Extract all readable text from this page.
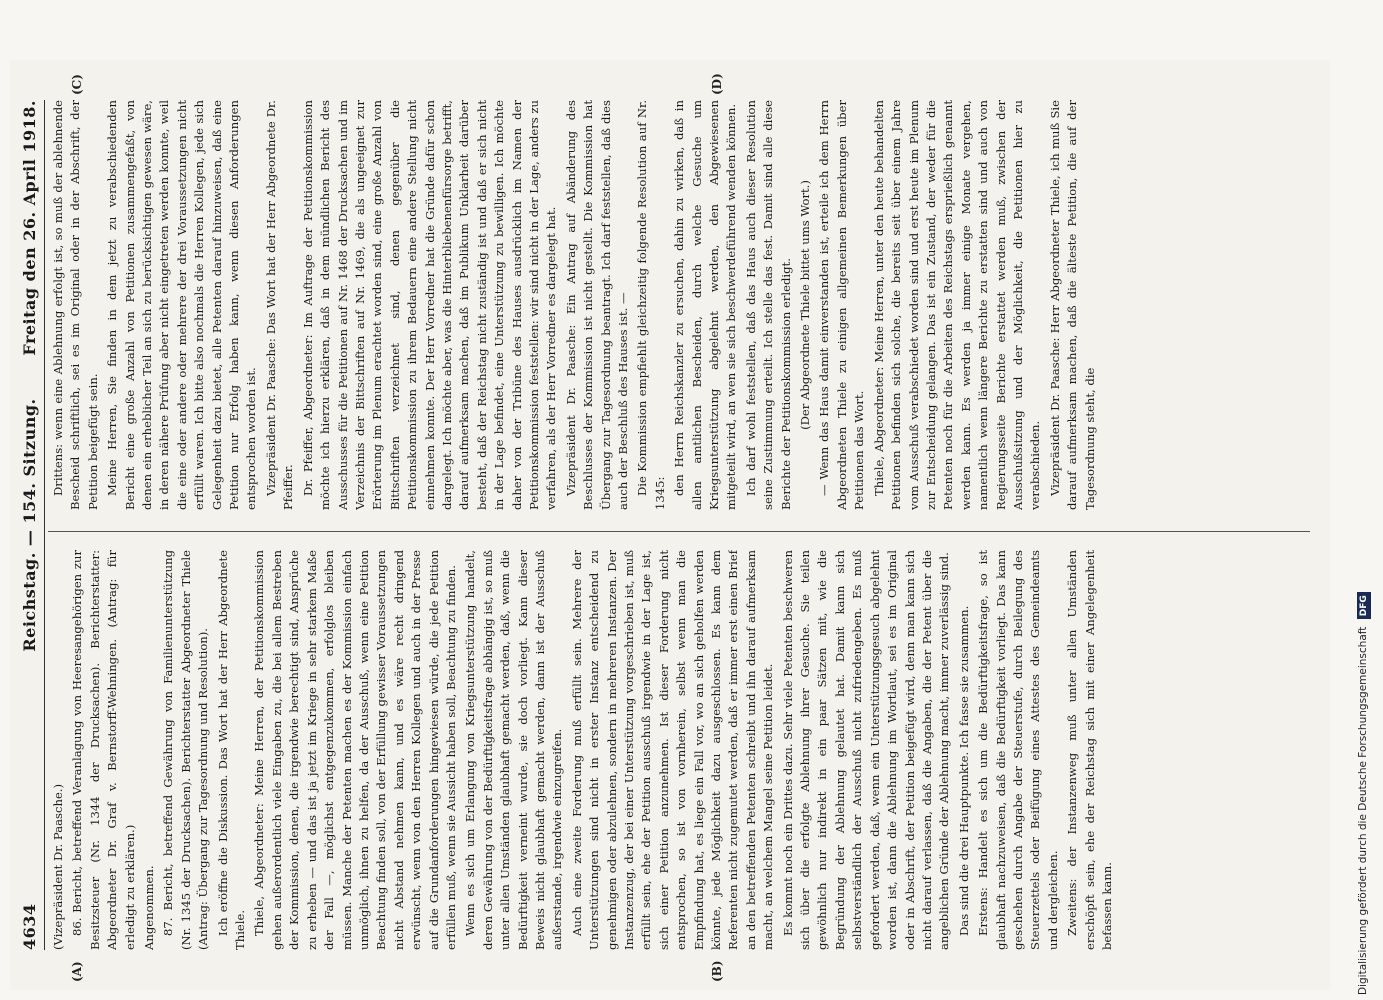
4634
Reichstag. — 154. Sitzung.
Freitag den 26. April 1918.
(A)	(B)
(C)	(D)

(Vizepräsident Dr. Paasche.) 86. Bericht, betreffend Veranlagung von Heeresangehörigen zur Besitzsteuer (Nr. 1344 der Drucksachen). Berichterstatter: Abgeordneter Dr. Graf v. Bernstorff-Wehningen. (Antrag: für erledigt zu erklären.) Angenommen. 87. Bericht, betreffend Gewährung von Familienunterstützung (Nr. 1345 der Drucksachen). Berichterstatter Abgeordneter Thiele (Antrag: Übergang zur Tagesordnung und Resolution). Ich eröffne die Diskussion. Das Wort hat der Herr Abgeordnete Thiele. Thiele, Abgeordneter: Meine Herren, der Petitionskommission gehen außerordentlich viele Eingaben zu, die bei allem Bestreben der Kommission, denen, die irgendwie berechtigt sind, Ansprüche zu erheben — und das ist ja jetzt im Kriege in sehr starkem Maße der Fall —, möglichst entgegenzukommen, erfolglos bleiben müssen. Manche der Petenten machen es der Kommission einfach unmöglich, ihnen zu helfen, da der Ausschuß, wenn eine Petition Beachtung finden soll, von der Erfüllung gewisser Voraussetzungen nicht Abstand nehmen kann, und es wäre recht dringend erwünscht, wenn von den Herren Kollegen und auch in der Presse auf die Grundanforderungen hingewiesen würde, die jede Petition erfüllen muß, wenn sie Aussicht haben soll, Beachtung zu finden. Wenn es sich um Erlangung von Kriegsunterstützung handelt, deren Gewährung von der Bedürftigkeitsfrage abhängig ist, so muß unter allen Umständen glaubhaft gemacht werden, daß, wenn die Bedürftigkeit verneint wurde, sie doch vorliegt. Kann dieser Beweis nicht glaubhaft gemacht werden, dann ist der Ausschuß außerstande, irgendwie einzugreifen. Auch eine zweite Forderung muß erfüllt sein. Mehrere der Unterstützungen sind nicht in erster Instanz entscheidend zu genehmigen oder abzulehnen, sondern in mehreren Instanzen. Der Instanzenzug, der bei einer Unterstützung vorgeschrieben ist, muß erfüllt sein, ehe der Petition ausschuß irgendwie in der Lage ist, sich einer Petition anzunehmen. Ist dieser Forderung nicht entsprochen, so ist von vornherein, selbst wenn man die Empfindung hat, es liege ein Fall vor, wo an sich geholfen werden könnte, jede Möglichkeit dazu ausgeschlossen. Es kann dem Referenten nicht zugemutet werden, daß er immer erst einen Brief an den betreffenden Petenten schreibt und ihn darauf aufmerksam macht, an welchem Mangel seine Petition leidet. Es kommt noch ein Drittes dazu. Sehr viele Petenten beschweren sich über die erfolgte Ablehnung ihrer Gesuche. Sie teilen gewöhnlich nur indirekt in ein paar Sätzen mit, wie die Begründung der Ablehnung gelautet hat. Damit kann sich selbstverständlich der Ausschuß nicht zufriedengeben. Es muß gefordert werden, daß, wenn ein Unterstützungsgesuch abgelehnt worden ist, dann die Ablehnung im Wortlaut, sei es im Original oder in Abschrift, der Petition beigefügt wird, denn man kann sich nicht darauf verlassen, daß die Angaben, die der Petent über die angeblichen Gründe der Ablehnung macht, immer zuverlässig sind. Das sind die drei Hauptpunkte. Ich fasse sie zusammen. Erstens: Handelt es sich um die Bedürftigkeitsfrage, so ist glaubhaft nachzuweisen, daß die Bedürftigkeit vorliegt. Das kann geschehen durch Angabe der Steuerstufe, durch Beilegung des Steuerzettels oder Beifügung eines Attestes des Gemeindeamts und dergleichen. Zweitens: der Instanzenweg muß unter allen Umständen erschöpft sein, ehe der Reichstag sich mit einer Angelegenheit befassen kann.

Drittens: wenn eine Ablehnung erfolgt ist, so muß der ablehnende Bescheid schriftlich, sei es im Original oder in der Abschrift, der Petition beigefügt sein. Meine Herren, Sie finden in dem jetzt zu verabschiedenden Bericht eine große Anzahl von Petitionen zusammengefaßt, von denen ein erheblicher Teil an sich zu berücksichtigen gewesen wäre, in deren nähere Prüfung aber nicht eingetreten werden konnte, weil die eine oder andere oder mehrere der drei Voraussetzungen nicht erfüllt waren. Ich bitte also nochmals die Herren Kollegen, jede sich Gelegenheit dazu bietet, alle Petenten darauf hinzuweisen, daß eine Petition nur Erfolg haben kann, wenn diesen Anforderungen entsprochen worden ist. Vizepräsident Dr. Paasche: Das Wort hat der Herr Abgeordnete Dr. Pfeiffer. Dr. Pfeiffer, Abgeordneter: Im Auftrage der Petitionskommission möchte ich hierzu erklären, daß in dem mündlichen Bericht des Ausschusses für die Petitionen auf Nr. 1468 der Drucksachen und im Verzeichnis der Bittschriften auf Nr. 1469, die als ungeeignet zur Erörterung im Plenum erachtet worden sind, eine große Anzahl von Bittschriften verzeichnet sind, denen gegenüber die Petitionskommission zu ihrem Bedauern eine andere Stellung nicht einnehmen konnte. Der Herr Vorredner hat die Gründe dafür schon dargelegt. Ich möchte aber, was die Hinterbliebenenfürsorge betrifft, darauf aufmerksam machen, daß im Publikum Unklarheit darüber besteht, daß der Reichstag nicht zuständig ist und daß er sich nicht in der Lage befindet, eine Unterstützung zu bewilligen. Ich möchte daher von der Tribüne des Hauses ausdrücklich im Namen der Petitionskommission feststellen: wir sind nicht in der Lage, anders zu verfahren, als der Herr Vorredner es dargelegt hat. Vizepräsident Dr. Paasche: Ein Antrag auf Abänderung des Beschlusses der Kommission ist nicht gestellt. Die Kommission hat Übergang zur Tagesordnung beantragt. Ich darf feststellen, daß dies auch der Beschluß des Hauses ist. — Die Kommission empfiehlt gleichzeitig folgende Resolution auf Nr. 1345: den Herrn Reichskanzler zu ersuchen, dahin zu wirken, daß in allen amtlichen Bescheiden, durch welche Gesuche um Kriegsunterstützung abgelehnt werden, den Abgewiesenen mitgeteilt wird, an wen sie sich beschwerdeführend wenden können. Ich darf wohl feststellen, daß das Haus auch dieser Resolution seine Zustimmung erteilt. Ich stelle das fest. Damit sind alle diese Berichte der Petitionskommission erledigt. (Der Abgeordnete Thiele bittet ums Wort.) — Wenn das Haus damit einverstanden ist, erteile ich dem Herrn Abgeordneten Thiele zu einigen allgemeinen Bemerkungen über Petitionen das Wort. Thiele, Abgeordneter: Meine Herren, unter den heute behandelten Petitionen befinden sich solche, die bereits seit über einem Jahre vom Ausschuß verabschiedet worden sind und erst heute im Plenum zur Entscheidung gelangen. Das ist ein Zustand, der weder für die Petenten noch für die Arbeiten des Reichstags ersprießlich genannt werden kann. Es werden ja immer einige Monate vergehen, namentlich wenn längere Berichte zu erstatten sind und auch von Regierungsseite Berichte erstattet werden muß, zwischen der Ausschußsitzung und der Möglichkeit, die Petitionen hier zu verabschieden. Vizepräsident Dr. Paasche: Herr Abgeordneter Thiele, ich muß Sie darauf aufmerksam machen, daß die älteste Petition, die auf der Tagesordnung steht, die

Digitalisierung gefördert durch die Deutsche Forschungsgemeinschaft DFG
